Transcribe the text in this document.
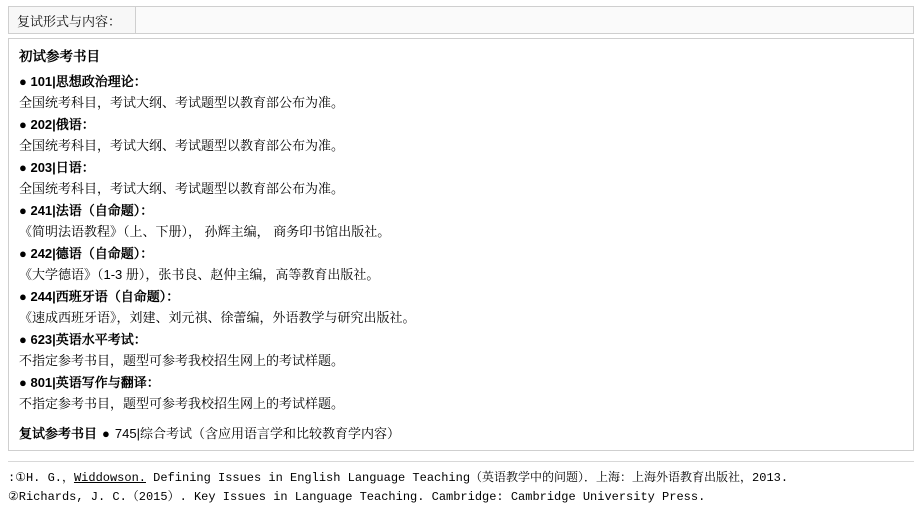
复试形式与内容：
初试参考书目
● 101|思想政治理论：
全国统考科目，考试大纲、考试题型以教育部公布为准。
● 202|俄语：
全国统考科目，考试大纲、考试题型以教育部公布为准。
● 203|日语：
全国统考科目，考试大纲、考试题型以教育部公布为准。
● 241|法语（自命题）：
《简明法语教程》（上、下册）， 孙辉主编， 商务印书馆出版社。
● 242|德语（自命题）：
《大学德语》（1-3 册），张书良、赵仲主编，高等教育出版社。
● 244|西班牙语（自命题）：
《速成西班牙语》，刘建、刘元祺、徐蕾编，外语教学与研究出版社。
● 623|英语水平考试：
不指定参考书目，题型可参考我校招生网上的考试样题。
● 801|英语写作与翻译：
不指定参考书目，题型可参考我校招生网上的考试样题。
复试参考书目 ● 745|综合考试（含应用语言学和比较教育学内容）
:①H. G.，Widdowson. Defining Issues in English Language Teaching（英语教学中的问题）．上海：上海外语教育出版社，2013.
②Richards, J. C.（2015）. Key Issues in Language Teaching. Cambridge: Cambridge University Press.
